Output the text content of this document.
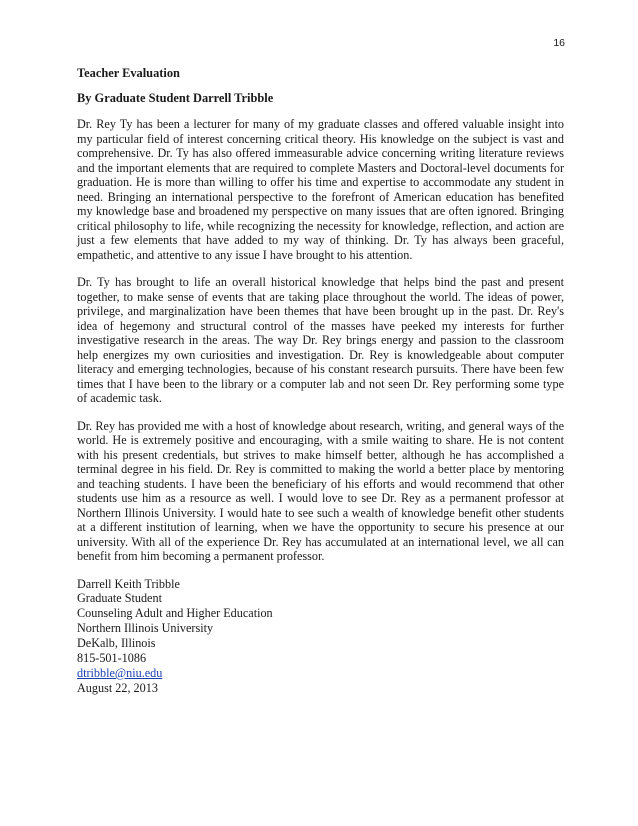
16
Teacher Evaluation
By Graduate Student Darrell Tribble

Dr. Rey Ty has been a lecturer for many of my graduate classes and offered valuable insight into my particular field of interest concerning critical theory. His knowledge on the subject is vast and comprehensive. Dr. Ty has also offered immeasurable advice concerning writing literature reviews and the important elements that are required to complete Masters and Doctoral-level documents for graduation. He is more than willing to offer his time and expertise to accommodate any student in need. Bringing an international perspective to the forefront of American education has benefited my knowledge base and broadened my perspective on many issues that are often ignored. Bringing critical philosophy to life, while recognizing the necessity for knowledge, reflection, and action are just a few elements that have added to my way of thinking. Dr. Ty has always been graceful, empathetic, and attentive to any issue I have brought to his attention.

Dr. Ty has brought to life an overall historical knowledge that helps bind the past and present together, to make sense of events that are taking place throughout the world. The ideas of power, privilege, and marginalization have been themes that have been brought up in the past. Dr. Rey's idea of hegemony and structural control of the masses have peeked my interests for further investigative research in the areas. The way Dr. Rey brings energy and passion to the classroom help energizes my own curiosities and investigation. Dr. Rey is knowledgeable about computer literacy and emerging technologies, because of his constant research pursuits. There have been few times that I have been to the library or a computer lab and not seen Dr. Rey performing some type of academic task.

Dr. Rey has provided me with a host of knowledge about research, writing, and general ways of the world. He is extremely positive and encouraging, with a smile waiting to share. He is not content with his present credentials, but strives to make himself better, although he has accomplished a terminal degree in his field. Dr. Rey is committed to making the world a better place by mentoring and teaching students. I have been the beneficiary of his efforts and would recommend that other students use him as a resource as well. I would love to see Dr. Rey as a permanent professor at Northern Illinois University. I would hate to see such a wealth of knowledge benefit other students at a different institution of learning, when we have the opportunity to secure his presence at our university. With all of the experience Dr. Rey has accumulated at an international level, we all can benefit from him becoming a permanent professor.

Darrell Keith Tribble
Graduate Student
Counseling Adult and Higher Education
Northern Illinois University
DeKalb, Illinois
815-501-1086
dtribble@niu.edu
August 22, 2013
